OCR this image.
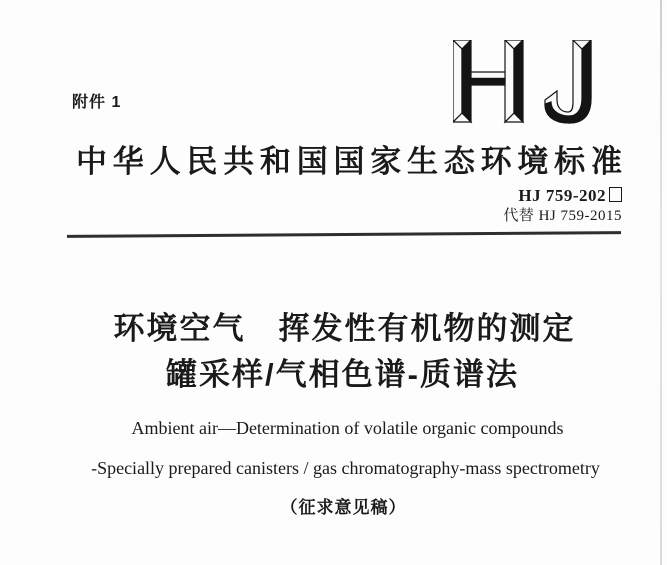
附件 1
中 华 人 民 共 和 国 国 家 生 态 环 境 标 准
HJ 759-202
代替 HJ 759-2015
环境空气　挥发性有机物的测定
罐采样/气相色谱-质谱法
Ambient air—Determination of volatile organic compounds
-Specially prepared canisters / gas chromatography-mass spectrometry
（征求意见稿）
